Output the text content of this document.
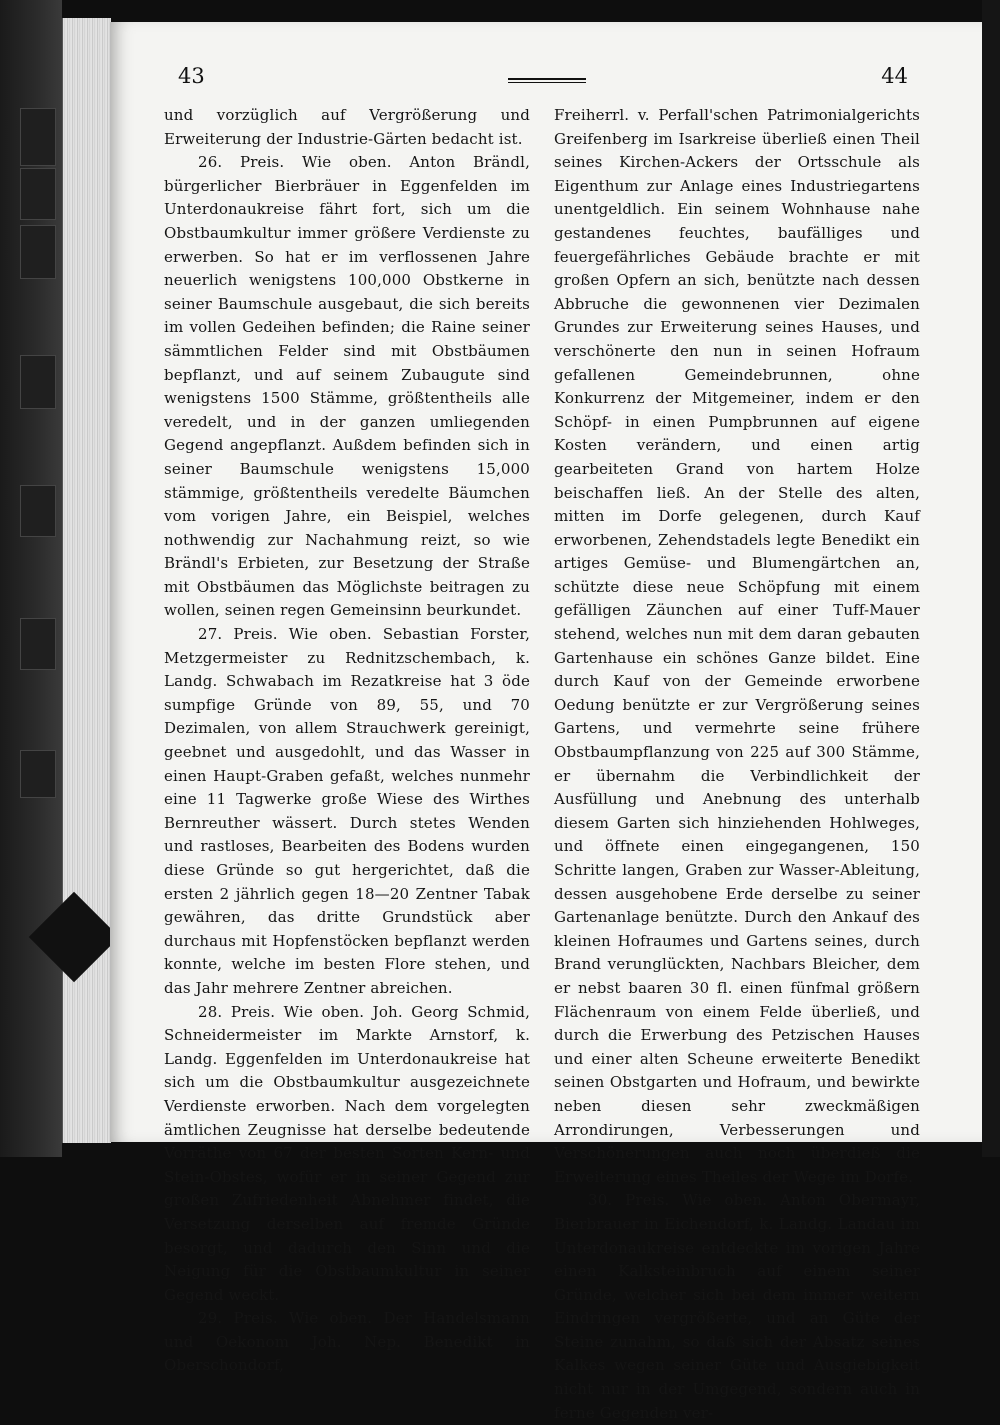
43	44

und vorzüglich auf Vergrößerung und Erweiterung der Industrie-Gärten bedacht ist.

26. Preis. Wie oben. Anton Brändl, bürgerlicher Bierbräuer in Eggenfelden im Unterdonaukreise fährt fort, sich um die Obstbaumkultur immer größere Verdienste zu erwerben. So hat er im verflossenen Jahre neuerlich wenigstens 100,000 Obstkerne in seiner Baumschule ausgebaut, die sich bereits im vollen Gedeihen befinden; die Raine seiner sämmtlichen Felder sind mit Obstbäumen bepflanzt, und auf seinem Zubaugute sind wenigstens 1500 Stämme, größtentheils alle veredelt, und in der ganzen umliegenden Gegend angepflanzt. Außdem befinden sich in seiner Baumschule wenigstens 15,000 stämmige, größtentheils veredelte Bäumchen vom vorigen Jahre, ein Beispiel, welches nothwendig zur Nachahmung reizt, so wie Brändl's Erbieten, zur Besetzung der Straße mit Obstbäumen das Möglichste beitragen zu wollen, seinen regen Gemeinsinn beurkundet.

27. Preis. Wie oben. Sebastian Forster, Metzgermeister zu Rednitzschembach, k. Landg. Schwabach im Rezatkreise hat 3 öde sumpfige Gründe von 89, 55, und 70 Dezimalen, von allem Strauchwerk gereinigt, geebnet und ausgedohlt, und das Wasser in einen Haupt-Graben gefaßt, welches nunmehr eine 11 Tagwerke große Wiese des Wirthes Bernreuther wässert. Durch stetes Wenden und rastloses, Bearbeiten des Bodens wurden diese Gründe so gut hergerichtet, daß die ersten 2 jährlich gegen 18—20 Zentner Tabak gewähren, das dritte Grundstück aber durchaus mit Hopfenstöcken bepflanzt werden konnte, welche im besten Flore stehen, und das Jahr mehrere Zentner abreichen.

28. Preis. Wie oben. Joh. Georg Schmid, Schneidermeister im Markte Arnstorf, k. Landg. Eggenfelden im Unterdonaukreise hat sich um die Obstbaumkultur ausgezeichnete Verdienste erworben. Nach dem vorgelegten ämtlichen Zeugnisse hat derselbe bedeutende Vorräthe von 67 der besten Sorten Kern- und Stein-Obstes, wofür er in seiner Gegend zur großen Zufriedenheit Abnehmer findet, die Versetzung derselben auf fremde Gründe besorgt, und dadurch den Sinn und die Neigung für die Obstbaumkultur in seiner Gegend weckt.

29. Preis. Wie oben. Der Handelsmann und Oekonom Joh. Nep. Benedikt in Oberschondorf,

Freiherrl. v. Perfall'schen Patrimonialgerichts Greifenberg im Isarkreise überließ einen Theil seines Kirchen-Ackers der Ortsschule als Eigenthum zur Anlage eines Industriegartens unentgeldlich. Ein seinem Wohnhause nahe gestandenes feuchtes, baufälliges und feuergefährliches Gebäude brachte er mit großen Opfern an sich, benützte nach dessen Abbruche die gewonnenen vier Dezimalen Grundes zur Erweiterung seines Hauses, und verschönerte den nun in seinen Hofraum gefallenen Gemeindebrunnen, ohne Konkurrenz der Mitgemeiner, indem er den Schöpf- in einen Pumpbrunnen auf eigene Kosten verändern, und einen artig gearbeiteten Grand von hartem Holze beischaffen ließ. An der Stelle des alten, mitten im Dorfe gelegenen, durch Kauf erworbenen, Zehendstadels legte Benedikt ein artiges Gemüse- und Blumengärtchen an, schützte diese neue Schöpfung mit einem gefälligen Zäunchen auf einer Tuff-Mauer stehend, welches nun mit dem daran gebauten Gartenhause ein schönes Ganze bildet. Eine durch Kauf von der Gemeinde erworbene Oedung benützte er zur Vergrößerung seines Gartens, und vermehrte seine frühere Obstbaumpflanzung von 225 auf 300 Stämme, er übernahm die Verbindlichkeit der Ausfüllung und Anebnung des unterhalb diesem Garten sich hinziehenden Hohlweges, und öffnete einen eingegangenen, 150 Schritte langen, Graben zur Wasser-Ableitung, dessen ausgehobene Erde derselbe zu seiner Gartenanlage benützte. Durch den Ankauf des kleinen Hofraumes und Gartens seines, durch Brand verunglückten, Nachbars Bleicher, dem er nebst baaren 30 fl. einen fünfmal größern Flächenraum von einem Felde überließ, und durch die Erwerbung des Petzischen Hauses und einer alten Scheune erweiterte Benedikt seinen Obstgarten und Hofraum, und bewirkte neben diesen sehr zweckmäßigen Arrondirungen, Verbesserungen und Verschönerungen auch noch überdieß die Erweiterung eines Theiles der Wege im Dorfe.

30. Preis. Wie oben. Anton Obermayr, Bierbrauer in Eichendorf, k. Landg. Landau im Unterdonaukreise entdeckte im vorigen Jahre einen Kalksteinbruch auf einem seiner Gründe, welcher sich bei dem immer weitern Eindringen vergrößerte, und an Güte der Steine zunahm, so daß sich der Absatz seines Kalkes wegen seiner Güte und Ausgiebigkeit nicht nur in der Umgegend, sondern auch in ferne Gegenden ver-
